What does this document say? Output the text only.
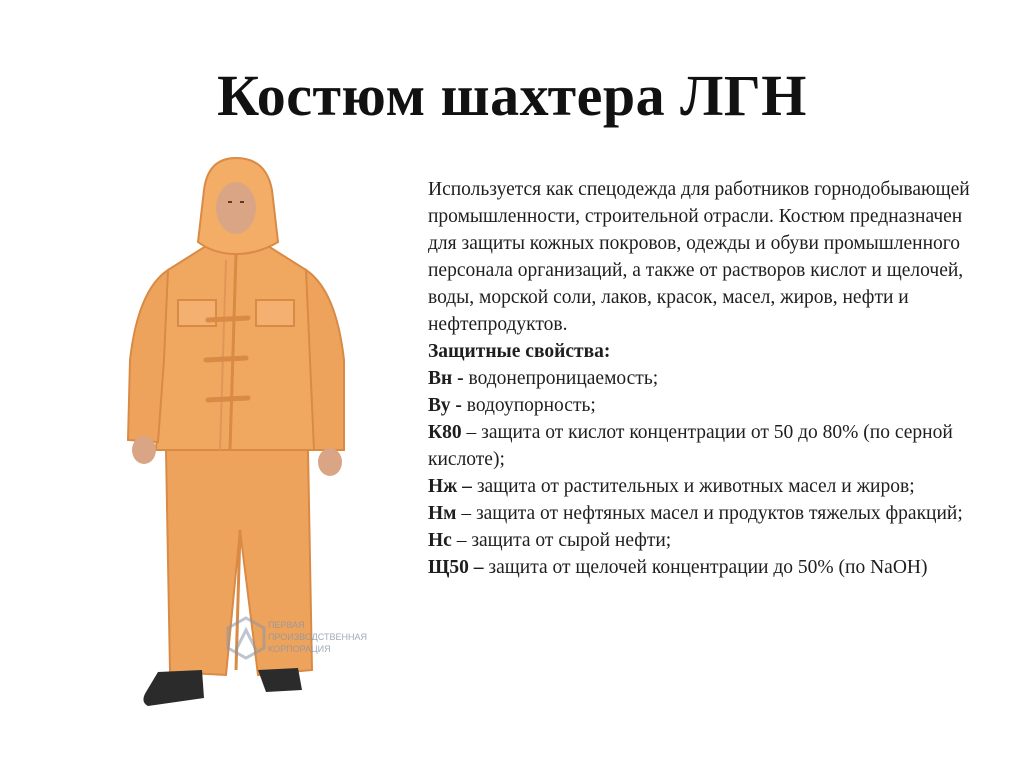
Костюм шахтера ЛГН
ПЕРВАЯ
ПРОИЗВОДСТВЕННАЯ
КОРПОРАЦИЯ

Используется как спецодежда для работников горнодобывающей промышленности, строительной отрасли. Костюм предназначен для защиты кожных покровов, одежды и обуви промышленного персонала организаций, а также от растворов кислот и щелочей, воды, морской соли, лаков, красок, масел, жиров, нефти и нефтепродуктов.

Защитные свойства:

Вн - водонепроницаемость;

Ву - водоупорность;

К80 – защита от кислот концентрации от 50 до 80% (по серной кислоте);

Нж – защита от растительных и животных масел и жиров;

Нм – защита от нефтяных масел и продуктов тяжелых фракций;

Нс – защита от сырой нефти;

Щ50 – защита от щелочей концентрации до 50% (по NaOH)
